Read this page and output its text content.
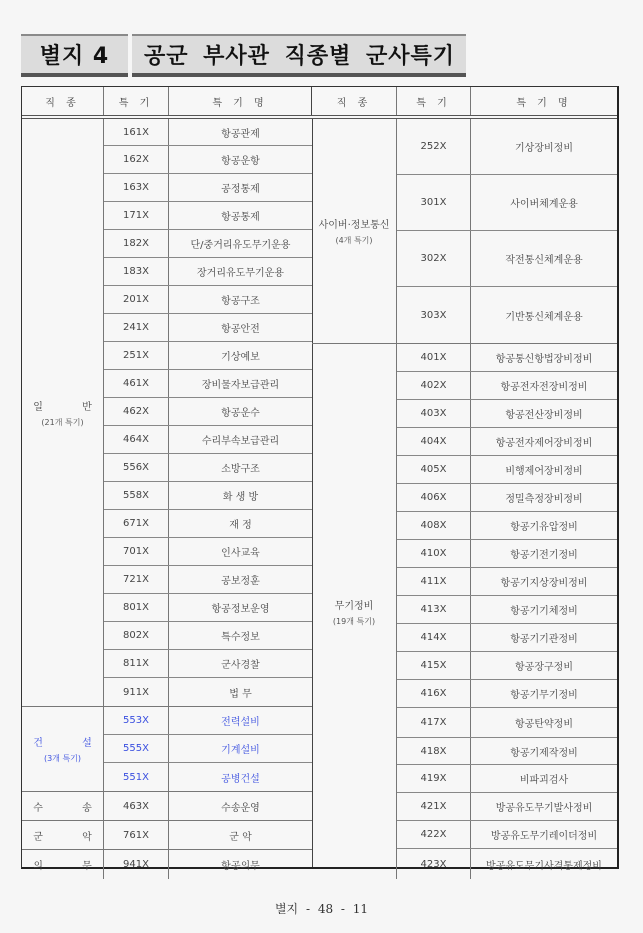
별지 4	공군 부사관 직종별 군사특기
직 종	특 기	특 기 명	직 종	특 기	특 기 명
일 반
(21개 특기)
161X	항공관제
162X	항공운항
163X	공정통제
171X	항공통제
182X	단/중거리유도무기운용
183X	장거리유도무기운용
201X	항공구조
241X	항공안전
251X	기상예보
461X	장비물자보급관리
462X	항공운수
464X	수리부속보급관리
556X	소방구조
558X	화 생 방
671X	재 정
701X	인사교육
721X	공보정훈
801X	항공정보운영
802X	특수정보
811X	군사경찰
911X	법 무
건 설
(3개 특기)
553X	전력설비
555X	기계설비
551X	공병건설
수 송	463X	수송운영
군 악	761X	군 악
의 무	941X	항공의무
사이버·정보통신
(4개 특기)
252X	기상장비정비
301X	사이버체계운용
302X	작전통신체계운용
303X	기반통신체계운용
무기정비
(19개 특기)
401X	항공통신항법장비정비
402X	항공전자전장비정비
403X	항공전산장비정비
404X	항공전자제어장비정비
405X	비행제어장비정비
406X	정밀측정장비정비
408X	항공기유압정비
410X	항공기전기정비
411X	항공기지상장비정비
413X	항공기기체정비
414X	항공기기관정비
415X	항공장구정비
416X	항공기무기정비
417X	항공탄약정비
418X	항공기제작정비
419X	비파괴검사
421X	방공유도무기발사정비
422X	방공유도무기레이더정비
423X	방공유도무기사격통제정비
별지 - 48 - 11
